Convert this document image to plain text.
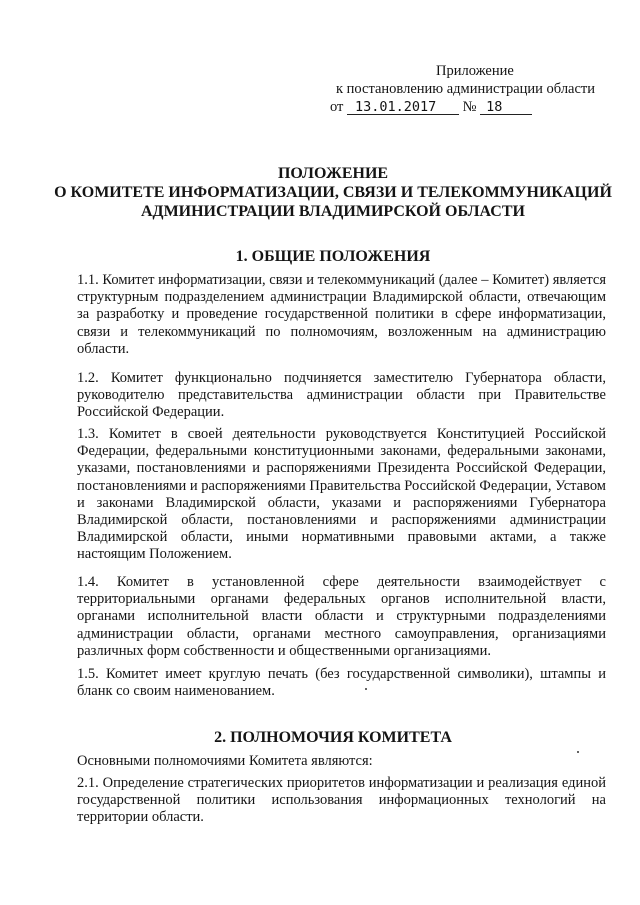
Приложение
к постановлению администрации области
от 13.01.2017 № 18
ПОЛОЖЕНИЕ
О КОМИТЕТЕ ИНФОРМАТИЗАЦИИ, СВЯЗИ И ТЕЛЕКОММУНИКАЦИЙ
АДМИНИСТРАЦИИ ВЛАДИМИРСКОЙ ОБЛАСТИ
1. ОБЩИЕ ПОЛОЖЕНИЯ
1.1. Комитет информатизации, связи и телекоммуникаций (далее – Комитет) является структурным подразделением администрации Владимирской области, отвечающим за разработку и проведение государственной политики в сфере информатизации, связи и телекоммуникаций по полномочиям, возложенным на администрацию области.
1.2. Комитет функционально подчиняется заместителю Губернатора области, руководителю представительства администрации области при Правительстве Российской Федерации.
1.3. Комитет в своей деятельности руководствуется Конституцией Российской Федерации, федеральными конституционными законами, федеральными законами, указами, постановлениями и распоряжениями Президента Российской Федерации, постановлениями и распоряжениями Правительства Российской Федерации, Уставом и законами Владимирской области, указами и распоряжениями Губернатора Владимирской области, постановлениями и распоряжениями администрации Владимирской области, иными нормативными правовыми актами, а также настоящим Положением.
1.4. Комитет в установленной сфере деятельности взаимодействует с территориальными органами федеральных органов исполнительной власти, органами исполнительной власти области и структурными подразделениями администрации области, органами местного самоуправления, организациями различных форм собственности и общественными организациями.
1.5. Комитет имеет круглую печать (без государственной символики), штампы и бланк со своим наименованием.
2. ПОЛНОМОЧИЯ КОМИТЕТА
Основными полномочиями Комитета являются:
2.1. Определение стратегических приоритетов информатизации и реализация единой государственной политики использования информационных технологий на территории области.
